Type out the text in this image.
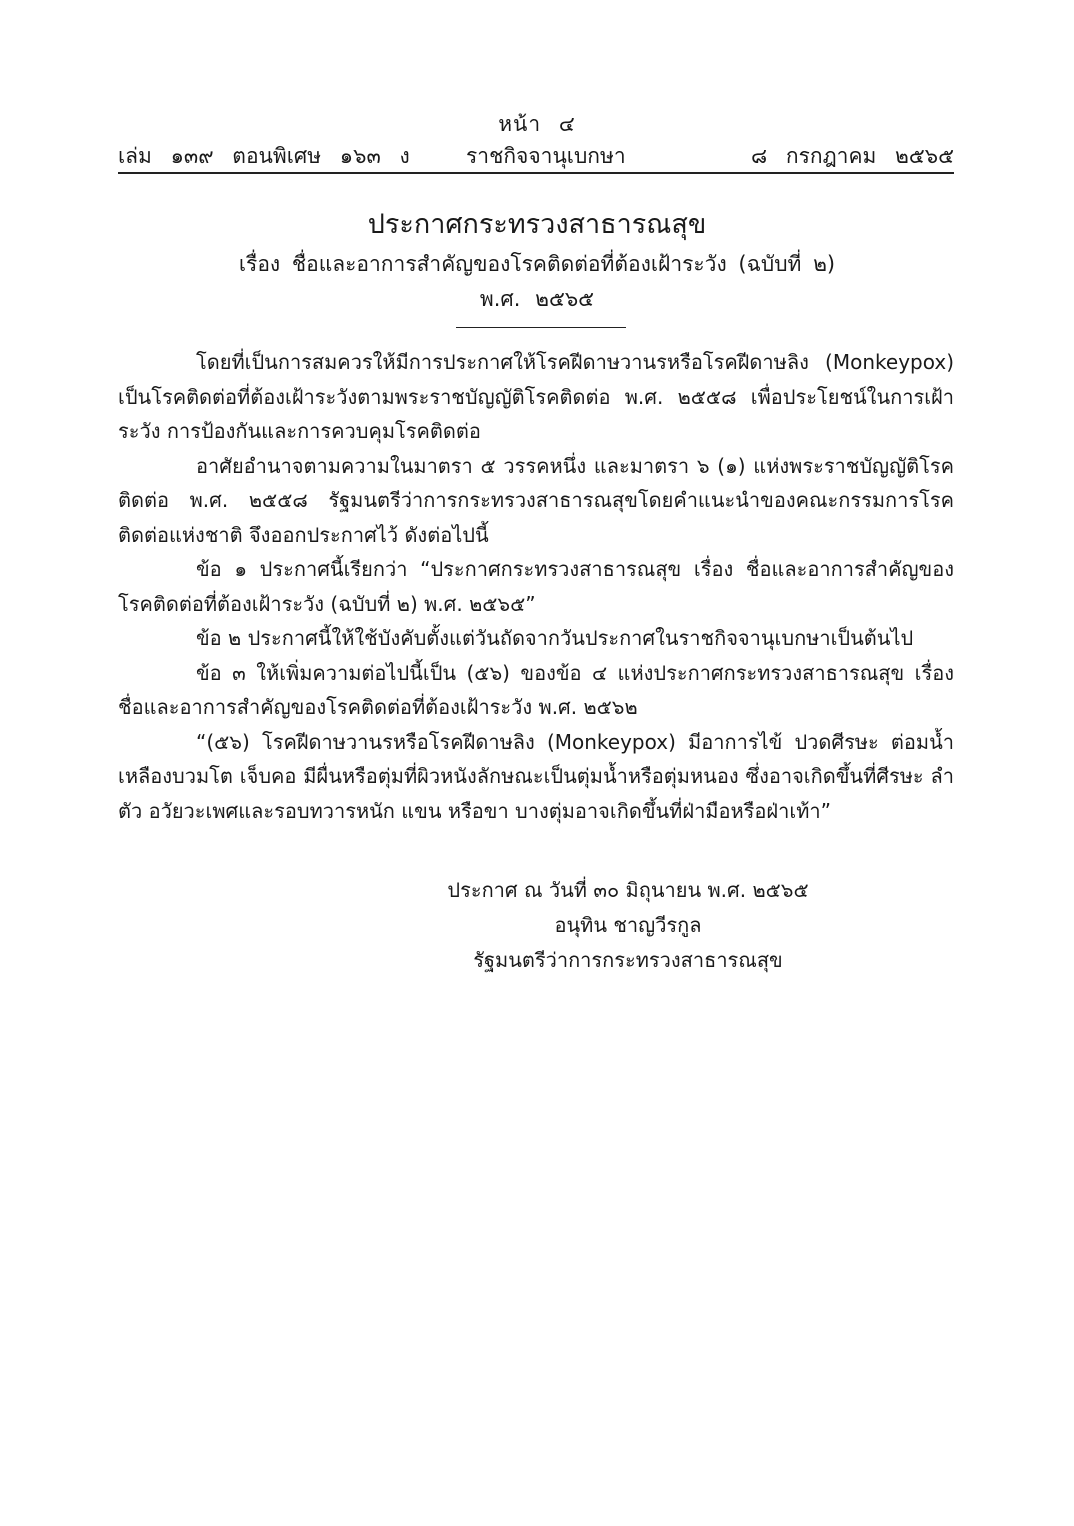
หน้า ๔
เล่ม ๑๓๙ ตอนพิเศษ ๑๖๓ ง	ราชกิจจานุเบกษา	๘ กรกฎาคม ๒๕๖๕
ประกาศกระทรวงสาธารณสุข
เรื่อง ชื่อและอาการสำคัญของโรคติดต่อที่ต้องเฝ้าระวัง (ฉบับที่ ๒)
พ.ศ. ๒๕๖๕

โดยที่เป็นการสมควรให้มีการประกาศให้โรคฝีดาษวานรหรือโรคฝีดาษลิง (Monkeypox) เป็นโรคติดต่อที่ต้องเฝ้าระวังตามพระราชบัญญัติโรคติดต่อ พ.ศ. ๒๕๕๘ เพื่อประโยชน์ในการเฝ้าระวัง การป้องกันและการควบคุมโรคติดต่อ

อาศัยอำนาจตามความในมาตรา ๕ วรรคหนึ่ง และมาตรา ๖ (๑) แห่งพระราชบัญญัติโรคติดต่อ พ.ศ. ๒๕๕๘ รัฐมนตรีว่าการกระทรวงสาธารณสุขโดยคำแนะนำของคณะกรรมการโรคติดต่อแห่งชาติ จึงออกประกาศไว้ ดังต่อไปนี้

ข้อ ๑ ประกาศนี้เรียกว่า “ประกาศกระทรวงสาธารณสุข เรื่อง ชื่อและอาการสำคัญของโรคติดต่อที่ต้องเฝ้าระวัง (ฉบับที่ ๒) พ.ศ. ๒๕๖๕”

ข้อ ๒ ประกาศนี้ให้ใช้บังคับตั้งแต่วันถัดจากวันประกาศในราชกิจจานุเบกษาเป็นต้นไป

ข้อ ๓ ให้เพิ่มความต่อไปนี้เป็น (๕๖) ของข้อ ๔ แห่งประกาศกระทรวงสาธารณสุข เรื่อง ชื่อและอาการสำคัญของโรคติดต่อที่ต้องเฝ้าระวัง พ.ศ. ๒๕๖๒

“(๕๖) โรคฝีดาษวานรหรือโรคฝีดาษลิง (Monkeypox) มีอาการไข้ ปวดศีรษะ ต่อมน้ำเหลืองบวมโต เจ็บคอ มีผื่นหรือตุ่มที่ผิวหนังลักษณะเป็นตุ่มน้ำหรือตุ่มหนอง ซึ่งอาจเกิดขึ้นที่ศีรษะ ลำตัว อวัยวะเพศและรอบทวารหนัก แขน หรือขา บางตุ่มอาจเกิดขึ้นที่ฝ่ามือหรือฝ่าเท้า”

ประกาศ ณ วันที่ ๓๐ มิถุนายน พ.ศ. ๒๕๖๕
อนุทิน ชาญวีรกูล
รัฐมนตรีว่าการกระทรวงสาธารณสุข
